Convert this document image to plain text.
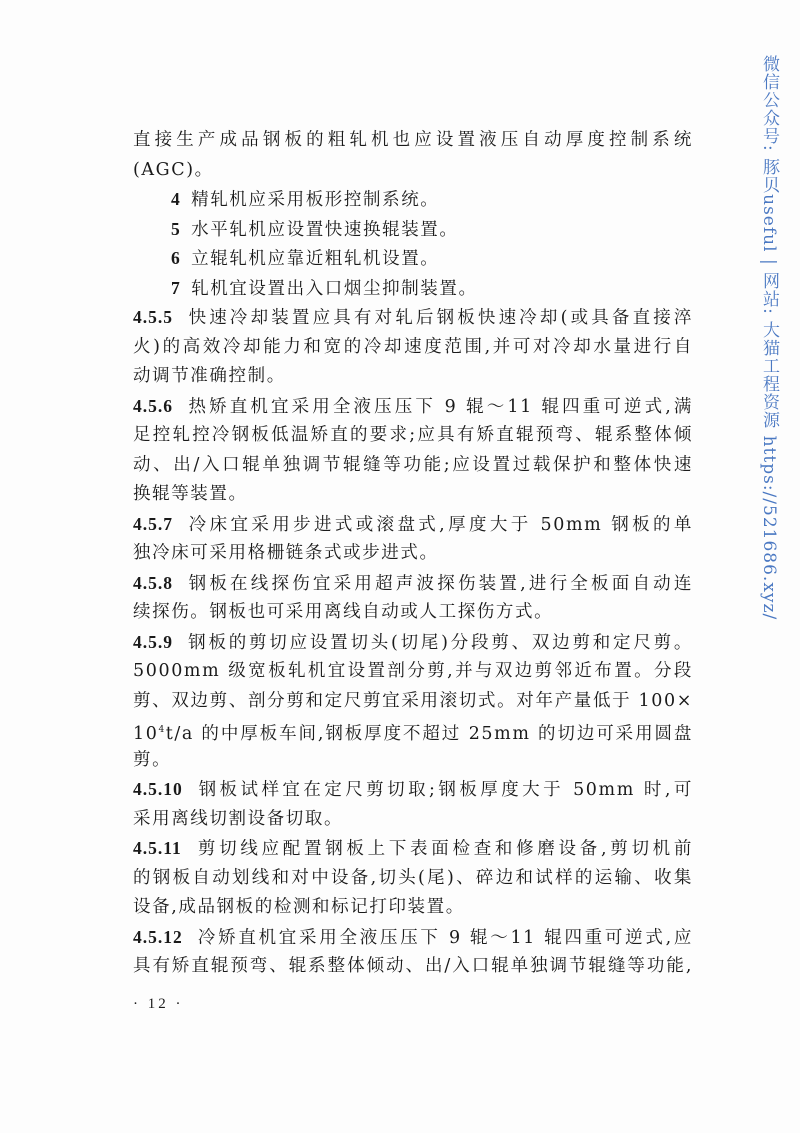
直接生产成品钢板的粗轧机也应设置液压自动厚度控制系统
(AGC)。
4  精轧机应采用板形控制系统。
5  水平轧机应设置快速换辊装置。
6  立辊轧机应靠近粗轧机设置。
7  轧机宜设置出入口烟尘抑制装置。
4.5.5 快速冷却装置应具有对轧后钢板快速冷却(或具备直接淬
火)的高效冷却能力和宽的冷却速度范围,并可对冷却水量进行自
动调节准确控制。
4.5.6 热矫直机宜采用全液压压下 9 辊～11 辊四重可逆式,满
足控轧控冷钢板低温矫直的要求;应具有矫直辊预弯、辊系整体倾
动、出/入口辊单独调节辊缝等功能;应设置过载保护和整体快速
换辊等装置。
4.5.7 冷床宜采用步进式或滚盘式,厚度大于 50mm 钢板的单
独冷床可采用格栅链条式或步进式。
4.5.8 钢板在线探伤宜采用超声波探伤装置,进行全板面自动连
续探伤。钢板也可采用离线自动或人工探伤方式。
4.5.9 钢板的剪切应设置切头(切尾)分段剪、双边剪和定尺剪。
5000mm 级宽板轧机宜设置剖分剪,并与双边剪邻近布置。分段
剪、双边剪、剖分剪和定尺剪宜采用滚切式。对年产量低于 100×
$10^4t/a$ 的中厚板车间,钢板厚度不超过 25mm 的切边可采用圆盘
剪。
4.5.10 钢板试样宜在定尺剪切取;钢板厚度大于 50mm 时,可
采用离线切割设备切取。
4.5.11 剪切线应配置钢板上下表面检查和修磨设备,剪切机前
的钢板自动划线和对中设备,切头(尾)、碎边和试样的运输、收集
设备,成品钢板的检测和标记打印装置。
4.5.12 冷矫直机宜采用全液压压下 9 辊～11 辊四重可逆式,应
具有矫直辊预弯、辊系整体倾动、出/入口辊单独调节辊缝等功能,
· 12 ·
微信公众号: 豚贝useful | 网站: 大猫工程资源 https://521686.xyz/
